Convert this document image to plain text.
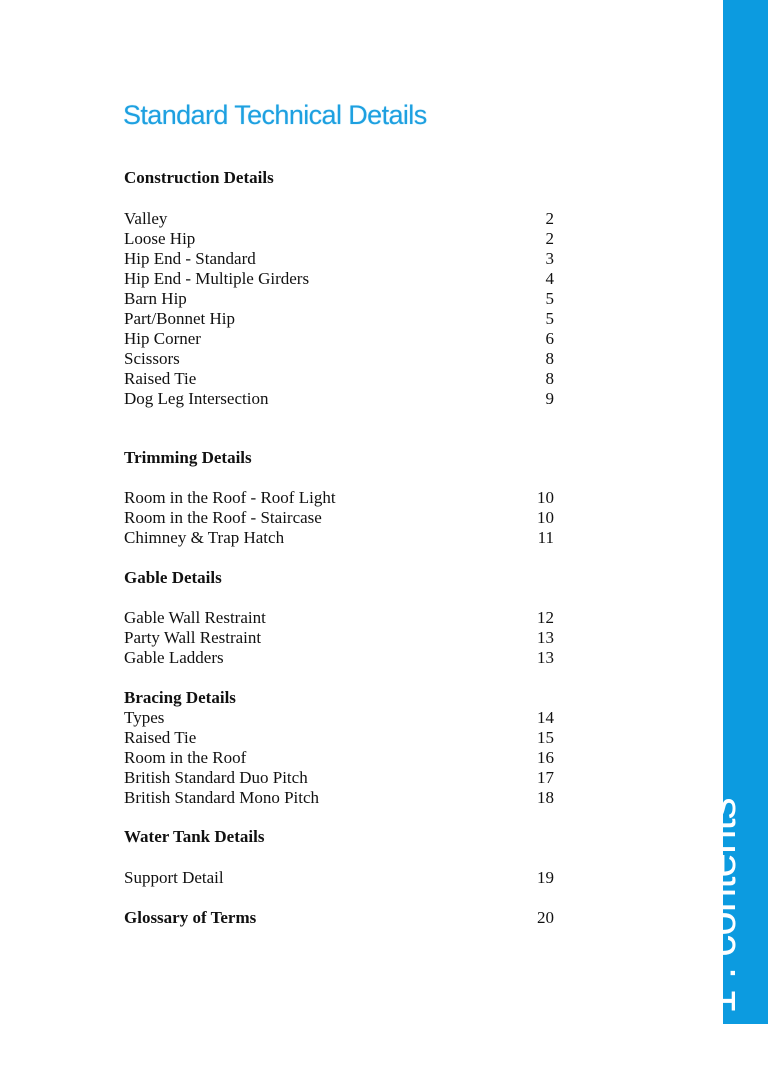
Standard Technical Details
Construction Details
Valley	2
Loose Hip	2
Hip End - Standard	3
Hip End - Multiple Girders	4
Barn Hip	5
Part/Bonnet Hip	5
Hip Corner	6
Scissors	8
Raised Tie	8
Dog Leg Intersection	9
Trimming Details
Room in the Roof - Roof Light	10
Room in the Roof - Staircase	10
Chimney & Trap Hatch	11
Gable Details
Gable Wall Restraint	12
Party Wall Restraint	13
Gable Ladders	13
Bracing Details
Types	14
Raised Tie	15
Room in the Roof	16
British Standard Duo Pitch	17
British Standard Mono Pitch	18
Water Tank Details
Support Detail	19
Glossary of Terms	20	ge 1 : contents
